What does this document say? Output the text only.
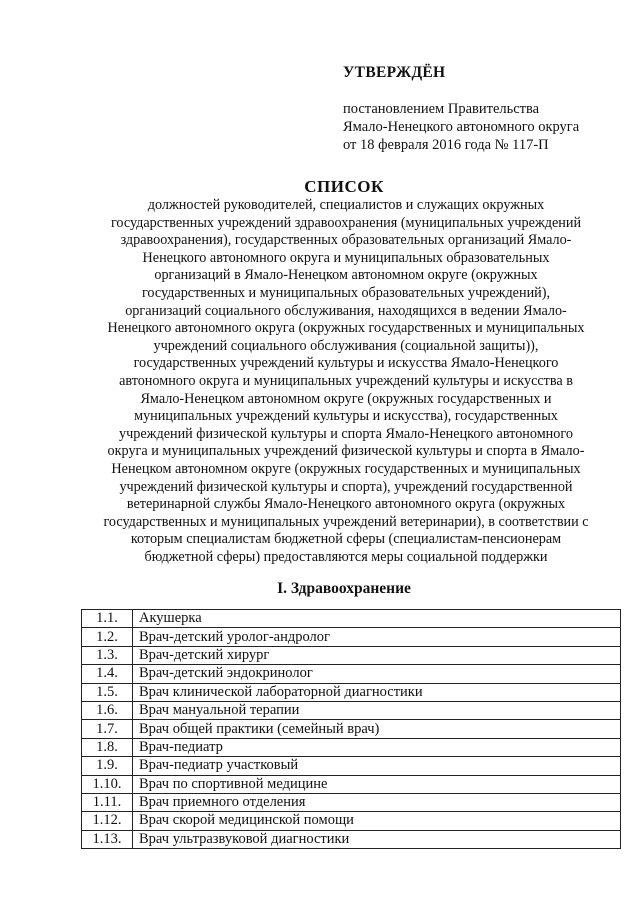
УТВЕРЖДЁН
постановлением Правительства
Ямало-Ненецкого автономного округа
от 18 февраля 2016 года № 117-П
СПИСОК
должностей руководителей, специалистов и служащих окружных
государственных учреждений здравоохранения (муниципальных учреждений
здравоохранения), государственных образовательных организаций Ямало-
Ненецкого автономного округа и муниципальных образовательных
организаций в Ямало-Ненецком автономном округе (окружных
государственных и муниципальных образовательных учреждений),
организаций социального обслуживания, находящихся в ведении Ямало-
Ненецкого автономного округа (окружных государственных и муниципальных
учреждений социального обслуживания (социальной защиты)),
государственных учреждений культуры и искусства Ямало-Ненецкого
автономного округа и муниципальных учреждений культуры и искусства в
Ямало-Ненецком автономном округе (окружных государственных и
муниципальных учреждений культуры и искусства), государственных
учреждений физической культуры и спорта Ямало-Ненецкого автономного
округа и муниципальных учреждений физической культуры и спорта в Ямало-
Ненецком автономном округе (окружных государственных и муниципальных
учреждений физической культуры и спорта), учреждений государственной
ветеринарной службы Ямало-Ненецкого автономного округа (окружных
государственных и муниципальных учреждений ветеринарии), в соответствии с
которым специалистам бюджетной сферы (специалистам-пенсионерам
бюджетной сферы) предоставляются меры социальной поддержки
I. Здравоохранение
1.1.	Акушерка
1.2.	Врач-детский уролог-андролог
1.3.	Врач-детский хирург
1.4.	Врач-детский эндокринолог
1.5.	Врач клинической лабораторной диагностики
1.6.	Врач мануальной терапии
1.7.	Врач общей практики (семейный врач)
1.8.	Врач-педиатр
1.9.	Врач-педиатр участковый
1.10.	Врач по спортивной медицине
1.11.	Врач приемного отделения
1.12.	Врач скорой медицинской помощи
1.13.	Врач ультразвуковой диагностики
